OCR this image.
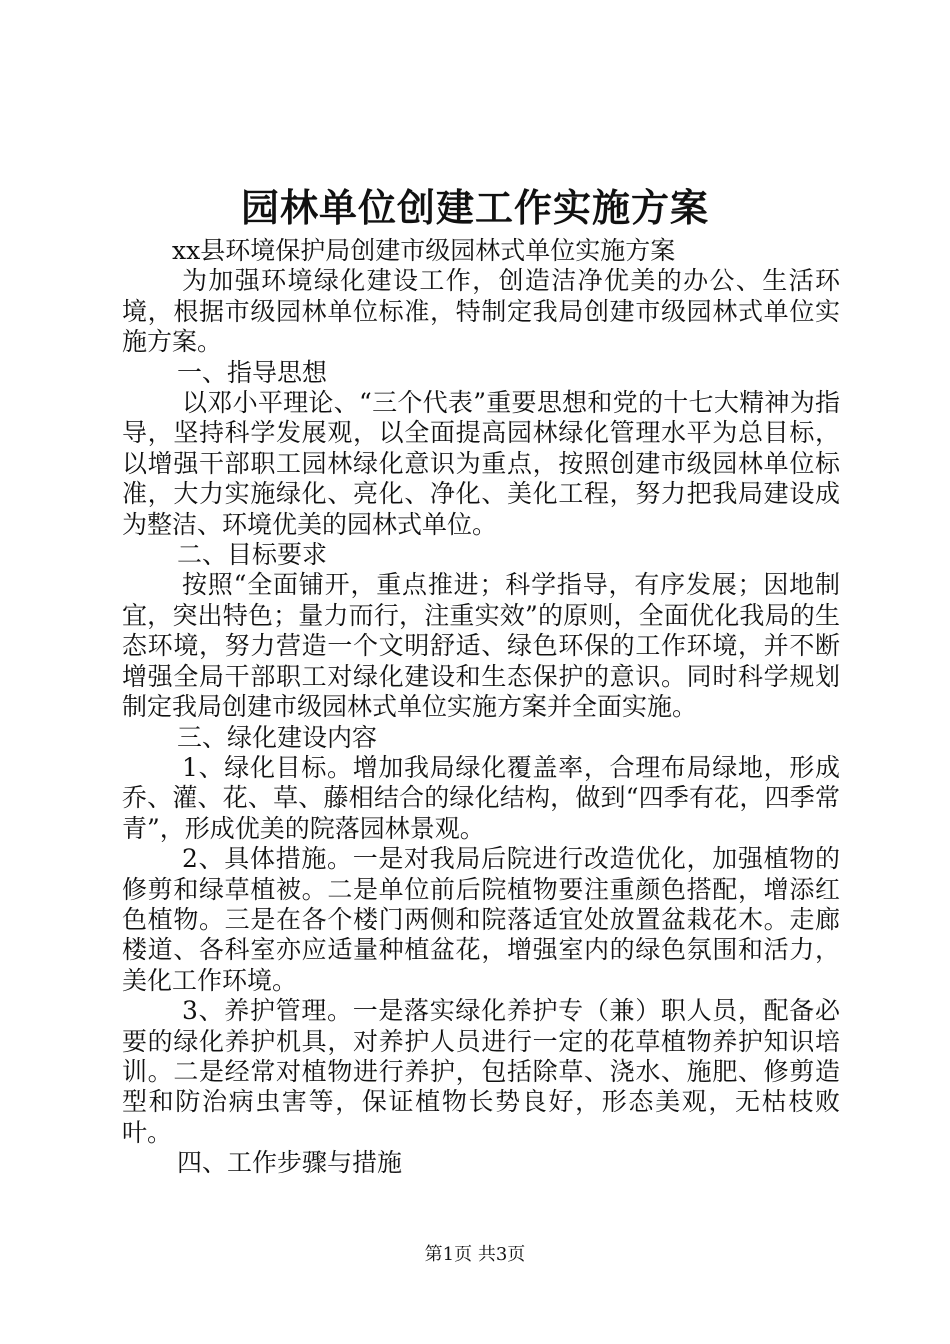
园林单位创建工作实施方案

xx县环境保护局创建市级园林式单位实施方案

为加强环境绿化建设工作，创造洁净优美的办公、生活环境，根据市级园林单位标准，特制定我局创建市级园林式单位实施方案。

一、指导思想

以邓小平理论、“三个代表”重要思想和党的十七大精神为指导，坚持科学发展观，以全面提高园林绿化管理水平为总目标，以增强干部职工园林绿化意识为重点，按照创建市级园林单位标准，大力实施绿化、亮化、净化、美化工程，努力把我局建设成为整洁、环境优美的园林式单位。

二、目标要求

按照“全面铺开，重点推进；科学指导，有序发展；因地制宜，突出特色；量力而行，注重实效”的原则，全面优化我局的生态环境，努力营造一个文明舒适、绿色环保的工作环境，并不断增强全局干部职工对绿化建设和生态保护的意识。同时科学规划制定我局创建市级园林式单位实施方案并全面实施。

三、绿化建设内容

1、绿化目标。增加我局绿化覆盖率，合理布局绿地，形成乔、灌、花、草、藤相结合的绿化结构，做到“四季有花，四季常青”，形成优美的院落园林景观。

2、具体措施。一是对我局后院进行改造优化，加强植物的修剪和绿草植被。二是单位前后院植物要注重颜色搭配，增添红色植物。三是在各个楼门两侧和院落适宜处放置盆栽花木。走廊楼道、各科室亦应适量种植盆花，增强室内的绿色氛围和活力，美化工作环境。

3、养护管理。一是落实绿化养护专（兼）职人员，配备必要的绿化养护机具，对养护人员进行一定的花草植物养护知识培训。二是经常对植物进行养护，包括除草、浇水、施肥、修剪造型和防治病虫害等，保证植物长势良好，形态美观，无枯枝败叶。

四、工作步骤与措施

第1页 共3页
